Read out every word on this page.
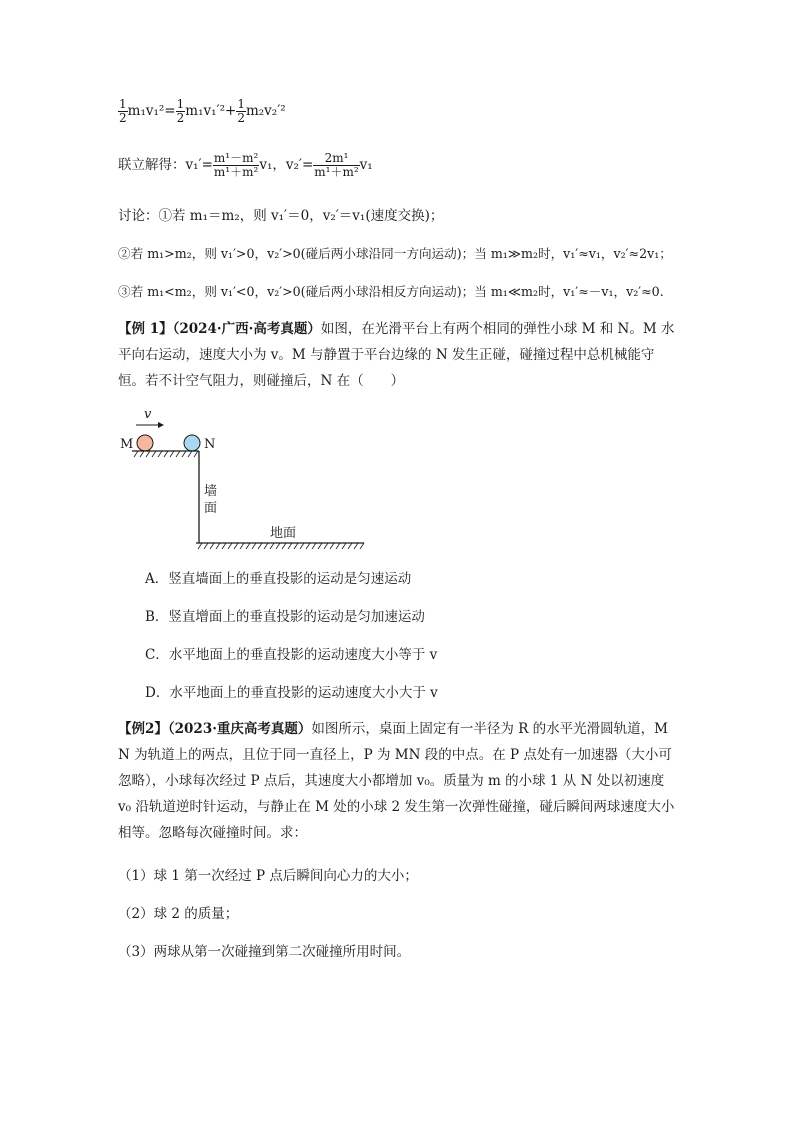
$\frac{1}{2} m_1v_1^2= \frac{1}{2} m_1v_1'^2+ \frac{1}{2} m_2v_2'^2$
联立解得：$v_1'= \frac{\text{m¹－m²}}{\text{m¹＋m²}} v_1$，$v_2'= \frac{\text{2m¹}}{\text{m¹＋m²}} v_1$
讨论：①若 m₁＝m₂，则 v₁′＝0，v₂′＝v₁(速度交换)；
②若 m₁>m₂，则 v₁′>0，v₂′>0(碰后两小球沿同一方向运动)；当 m₁≫m₂时，v₁′≈v₁，v₂′≈2v₁；
③若 m₁<m₂，则 v₁′<0，v₂′>0(碰后两小球沿相反方向运动)；当 m₁≪m₂时，v₁′≈－v₁，v₂′≈0.
【例 1】（2024·广西·高考真题）如图，在光滑平台上有两个相同的弹性小球 M 和 N。M 水平向右运动，速度大小为 v。M 与静置于平台边缘的 N 发生正碰，碰撞过程中总机械能守恒。若不计空气阻力，则碰撞后，N 在（　　）
v
M	N
墙
面
地面
A．竖直墙面上的垂直投影的运动是匀速运动
B．竖直增面上的垂直投影的运动是匀加速运动
C．水平地面上的垂直投影的运动速度大小等于 v
D．水平地面上的垂直投影的运动速度大小大于 v
【例2】（2023·重庆高考真题）如图所示，桌面上固定有一半径为 R 的水平光滑圆轨道，M N 为轨道上的两点，且位于同一直径上，P 为 MN 段的中点。在 P 点处有一加速器（大小可忽略），小球每次经过 P 点后，其速度大小都增加 v₀。质量为 m 的小球 1 从 N 处以初速度 v₀ 沿轨道逆时针运动，与静止在 M 处的小球 2 发生第一次弹性碰撞，碰后瞬间两球速度大小相等。忽略每次碰撞时间。求：
（1）球 1 第一次经过 P 点后瞬间向心力的大小；
（2）球 2 的质量；
（3）两球从第一次碰撞到第二次碰撞所用时间。
